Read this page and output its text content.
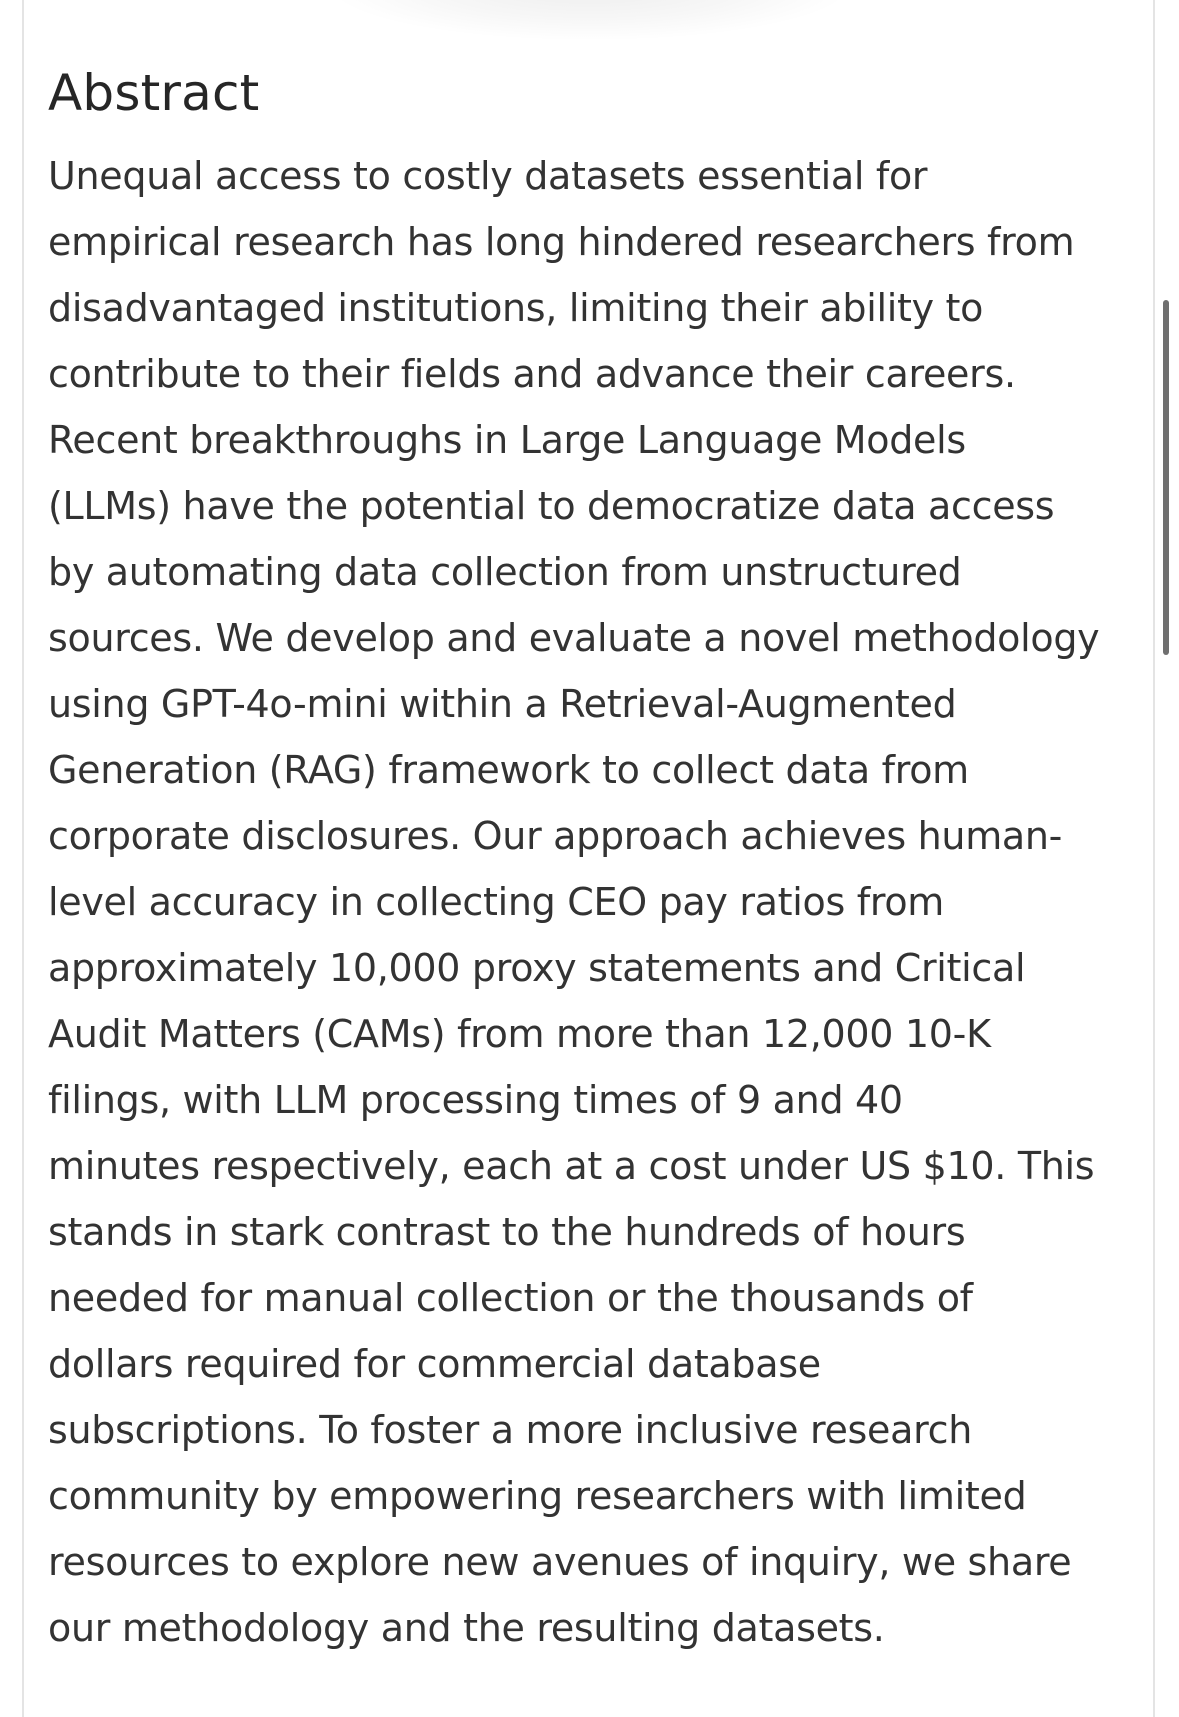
Abstract

Unequal access to costly datasets essential for
empirical research has long hindered researchers from
disadvantaged institutions, limiting their ability to
contribute to their fields and advance their careers.
Recent breakthroughs in Large Language Models
(LLMs) have the potential to democratize data access
by automating data collection from unstructured
sources. We develop and evaluate a novel methodology
using GPT-4o-mini within a Retrieval-Augmented
Generation (RAG) framework to collect data from
corporate disclosures. Our approach achieves human-
level accuracy in collecting CEO pay ratios from
approximately 10,000 proxy statements and Critical
Audit Matters (CAMs) from more than 12,000 10-K
filings, with LLM processing times of 9 and 40
minutes respectively, each at a cost under US $10. This
stands in stark contrast to the hundreds of hours
needed for manual collection or the thousands of
dollars required for commercial database
subscriptions. To foster a more inclusive research
community by empowering researchers with limited
resources to explore new avenues of inquiry, we share
our methodology and the resulting datasets.
